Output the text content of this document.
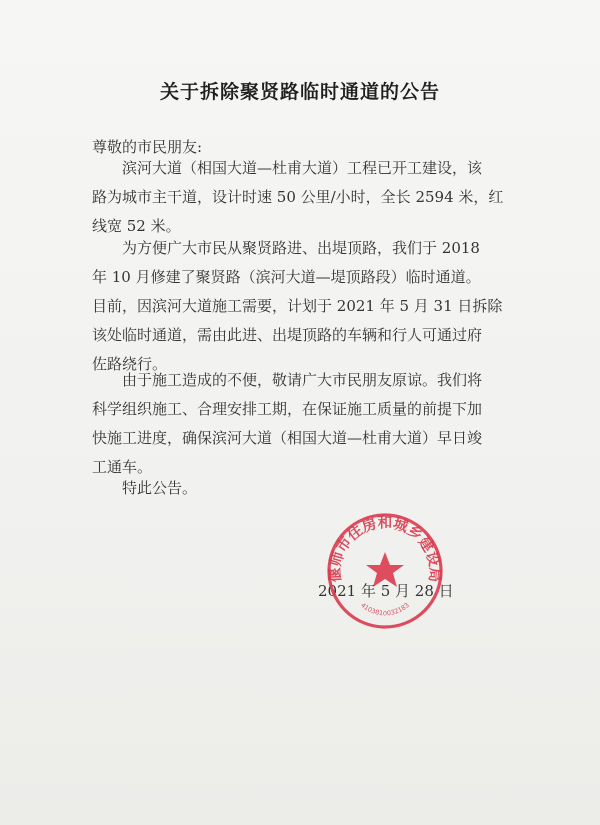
关于拆除聚贤路临时通道的公告
尊敬的市民朋友:
滨河大道（相国大道—杜甫大道）工程已开工建设，该
路为城市主干道，设计时速 50 公里/小时，全长 2594 米，红
线宽 52 米。
为方便广大市民从聚贤路进、出堤顶路，我们于 2018
年 10 月修建了聚贤路（滨河大道—堤顶路段）临时通道。
目前，因滨河大道施工需要，计划于 2021 年 5 月 31 日拆除
该处临时通道，需由此进、出堤顶路的车辆和行人可通过府
佐路绕行。
由于施工造成的不便，敬请广大市民朋友原谅。我们将
科学组织施工、合理安排工期，在保证施工质量的前提下加
快施工进度，确保滨河大道（相国大道—杜甫大道）早日竣
工通车。
特此公告。
2021 年 5 月 28 日
偃师市住房和城乡建设局
4103810032183
